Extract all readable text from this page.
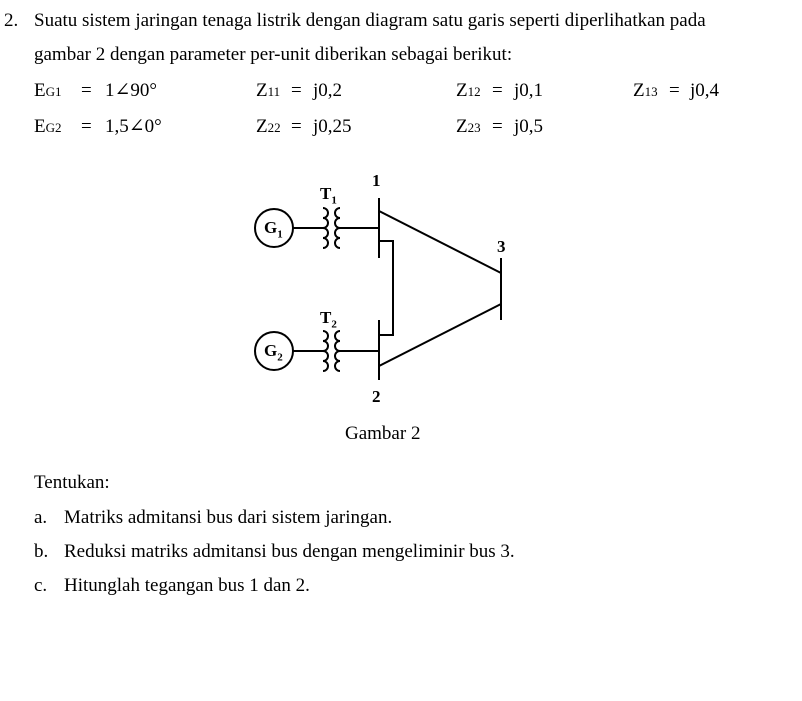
2. Suatu sistem jaringan tenaga listrik dengan diagram satu garis seperti diperlihatkan pada
gambar 2 dengan parameter per-unit diberikan sebagai berikut:
EG1 = 1∠90°	Z11 = j0,2	Z12 = j0,1	Z13 = j0,4
EG2 = 1,5∠0°	Z22 = j0,25	Z23 = j0,5
$G_1$
$G_2$
$T_1$
$T_2$
1
2
3
Gambar 2
Tentukan:
a. Matriks admitansi bus dari sistem jaringan.
b. Reduksi matriks admitansi bus dengan mengeliminir bus 3.
c. Hitunglah tegangan bus 1 dan 2.
